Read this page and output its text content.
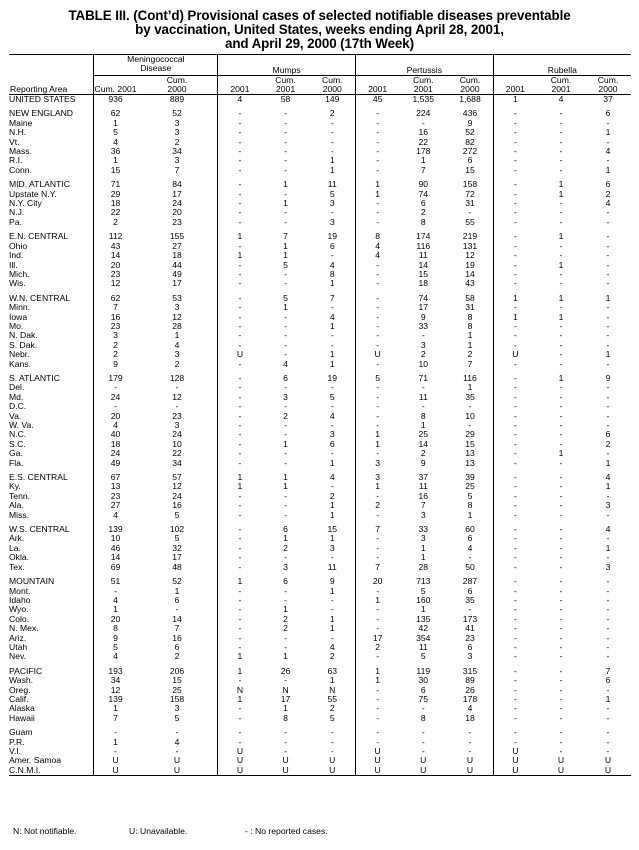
TABLE III. (Cont’d) Provisional cases of selected notifiable diseases preventable
by vaccination, United States, weeks ending April 28, 2001,
and April 29, 2000 (17th Week)

	Meningococcal Disease		Mumps			Pertussis			Rubella		
Reporting Area	Cum. 2001	Cum. 2000	2001	Cum. 2001	Cum. 2000	2001	Cum. 2001	Cum. 2000	2001	Cum. 2001	Cum. 2000
UNITED STATES	936	889	4	58	149	45	1,535	1,688	1	4	37

NEW ENGLAND	62	52	-	-	2	-	224	436	-	-	6
Maine	1	3	-	-	-	-	-	9	-	-	-
N.H.	5	3	-	-	-	-	16	52	-	-	1
Vt.	4	2	-	-	-	-	22	82	-	-	-
Mass.	36	34	-	-	-	-	178	272	-	-	4
R.I.	1	3	-	-	1	-	1	6	-	-	-
Conn.	15	7	-	-	1	-	7	15	-	-	1

MID. ATLANTIC	71	84	-	1	11	1	90	158	-	1	6
Upstate N.Y.	29	17	-	-	5	1	74	72	-	1	2
N.Y. City	18	24	-	1	3	-	6	31	-	-	4
N.J.	22	20	-	-	-	-	2	-	-	-	-
Pa.	2	23	-	-	3	-	8	55	-	-	-

E.N. CENTRAL	112	155	1	7	19	8	174	219	-	1	-
Ohio	43	27	-	1	6	4	116	131	-	-	-
Ind.	14	18	1	1	-	4	11	12	-	-	-
Ill.	20	44	-	5	4	-	14	19	-	1	-
Mich.	23	49	-	-	8	-	15	14	-	-	-
Wis.	12	17	-	-	1	-	18	43	-	-	-

W.N. CENTRAL	62	53	-	5	7	-	74	58	1	1	1
Minn.	7	3	-	1	-	-	17	31	-	-	-
Iowa	16	12	-	-	4	-	9	8	1	1	-
Mo.	23	28	-	-	1	-	33	8	-	-	-
N. Dak.	3	1	-	-	-	-	-	1	-	-	-
S. Dak.	2	4	-	-	-	-	3	1	-	-	-
Nebr.	2	3	U	-	1	U	2	2	U	-	1
Kans.	9	2	-	4	1	-	10	7	-	-	-

S. ATLANTIC	179	128	-	6	19	5	71	116	-	1	9
Del.	-	-	-	-	-	-	-	1	-	-	-
Md.	24	12	-	3	5	-	11	35	-	-	-
D.C.	-	-	-	-	-	-	-	-	-	-	-
Va.	20	23	-	2	4	-	8	10	-	-	-
W. Va.	4	3	-	-	-	-	1	-	-	-	-
N.C.	40	24	-	-	3	1	25	29	-	-	6
S.C.	18	10	-	1	6	1	14	15	-	-	2
Ga.	24	22	-	-	-	-	2	13	-	1	-
Fla.	49	34	-	-	1	3	9	13	-	-	1

E.S. CENTRAL	67	57	1	1	4	3	37	39	-	-	4
Ky.	13	12	1	1	-	1	11	25	-	-	1
Tenn.	23	24	-	-	2	-	16	5	-	-	-
Ala.	27	16	-	-	1	2	7	8	-	-	3
Miss.	4	5	-	-	1	-	3	1	-	-	-

W.S. CENTRAL	139	102	-	6	15	7	33	60	-	-	4
Ark.	10	5	-	1	1	-	3	6	-	-	-
La.	46	32	-	2	3	-	1	4	-	-	1
Okla.	14	17	-	-	-	-	1	-	-	-	-
Tex.	69	48	-	3	11	7	28	50	-	-	3

MOUNTAIN	51	52	1	6	9	20	713	287	-	-	-
Mont.	-	1	-	-	1	-	5	6	-	-	-
Idaho	4	6	-	-	-	1	160	35	-	-	-
Wyo.	1	-	-	1	-	-	1	-	-	-	-
Colo.	20	14	-	2	1	-	135	173	-	-	-
N. Mex.	8	7	-	2	1	-	42	41	-	-	-
Ariz.	9	16	-	-	-	17	354	23	-	-	-
Utah	5	6	-	-	4	2	11	6	-	-	-
Nev.	4	2	1	1	2	-	5	3	-	-	-

PACIFIC	193	206	1	26	63	1	119	315	-	-	7
Wash.	34	15	-	-	1	1	30	89	-	-	6
Oreg.	12	25	N	N	N	-	6	26	-	-	-
Calif.	139	158	1	17	55	-	75	178	-	-	1
Alaska	1	3	-	1	2	-	-	4	-	-	-
Hawaii	7	5	-	8	5	-	8	18	-	-	-

Guam	-	-	-	-	-	-	-	-	-	-	-
P.R.	1	4	-	-	-	-	-	-	-	-	-
V.I.	-	-	U	-	-	U	-	-	U	-	-
Amer. Samoa	U	U	U	U	U	U	U	U	U	U	U
C.N.M.I.	U	U	U	U	U	U	U	U	U	U	U
N: Not notifiable.	U: Unavailable.	- : No reported cases.
